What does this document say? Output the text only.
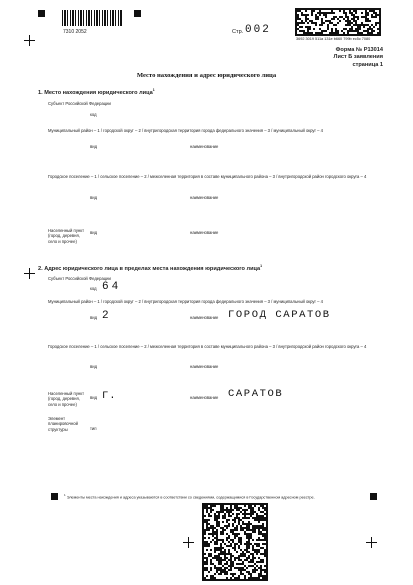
7310 2052	Стр. 002
3692 3019 511a 131e b660 799b ec5c 7080
Форма № Р13014
Лист Б заявления
страница 1
Место нахождения и адрес юридического лица
1. Место нахождения юридического лица$^1$
Субъект Российской Федерации
код
Муниципальный район – 1 / городской округ – 2 / внутригородская территория города федерального значения – 3 / муниципальный округ – 4
вид	наименование
Городское поселение – 1 / сельское поселение – 2 / межселенная территория в составе муниципального района – 3 / внутригородской район городского округа – 4
вид	наименование
Населенный пункт (город, деревня, село и прочее)
вид	наименование
2. Адрес юридического лица в пределах места нахождения юридического лица$^1$
Субъект Российской Федерации
код 64
Муниципальный район – 1 / городской округ – 2 / внутригородская территория города федерального значения – 3 / муниципальный округ – 4
вид 2	наименование ГОРОД САРАТОВ
Городское поселение – 1 / сельское поселение – 2 / межселенная территория в составе муниципального района – 3 / внутригородской район городского округа – 4
вид	наименование
Населенный пункт (город, деревня, село и прочее)
вид Г.	наименование САРАТОВ
Элемент планировочной структуры	тип
$^1$ Элементы места нахождения и адреса указываются в соответствии со сведениями, содержащимися в Государственном адресном реестре.
